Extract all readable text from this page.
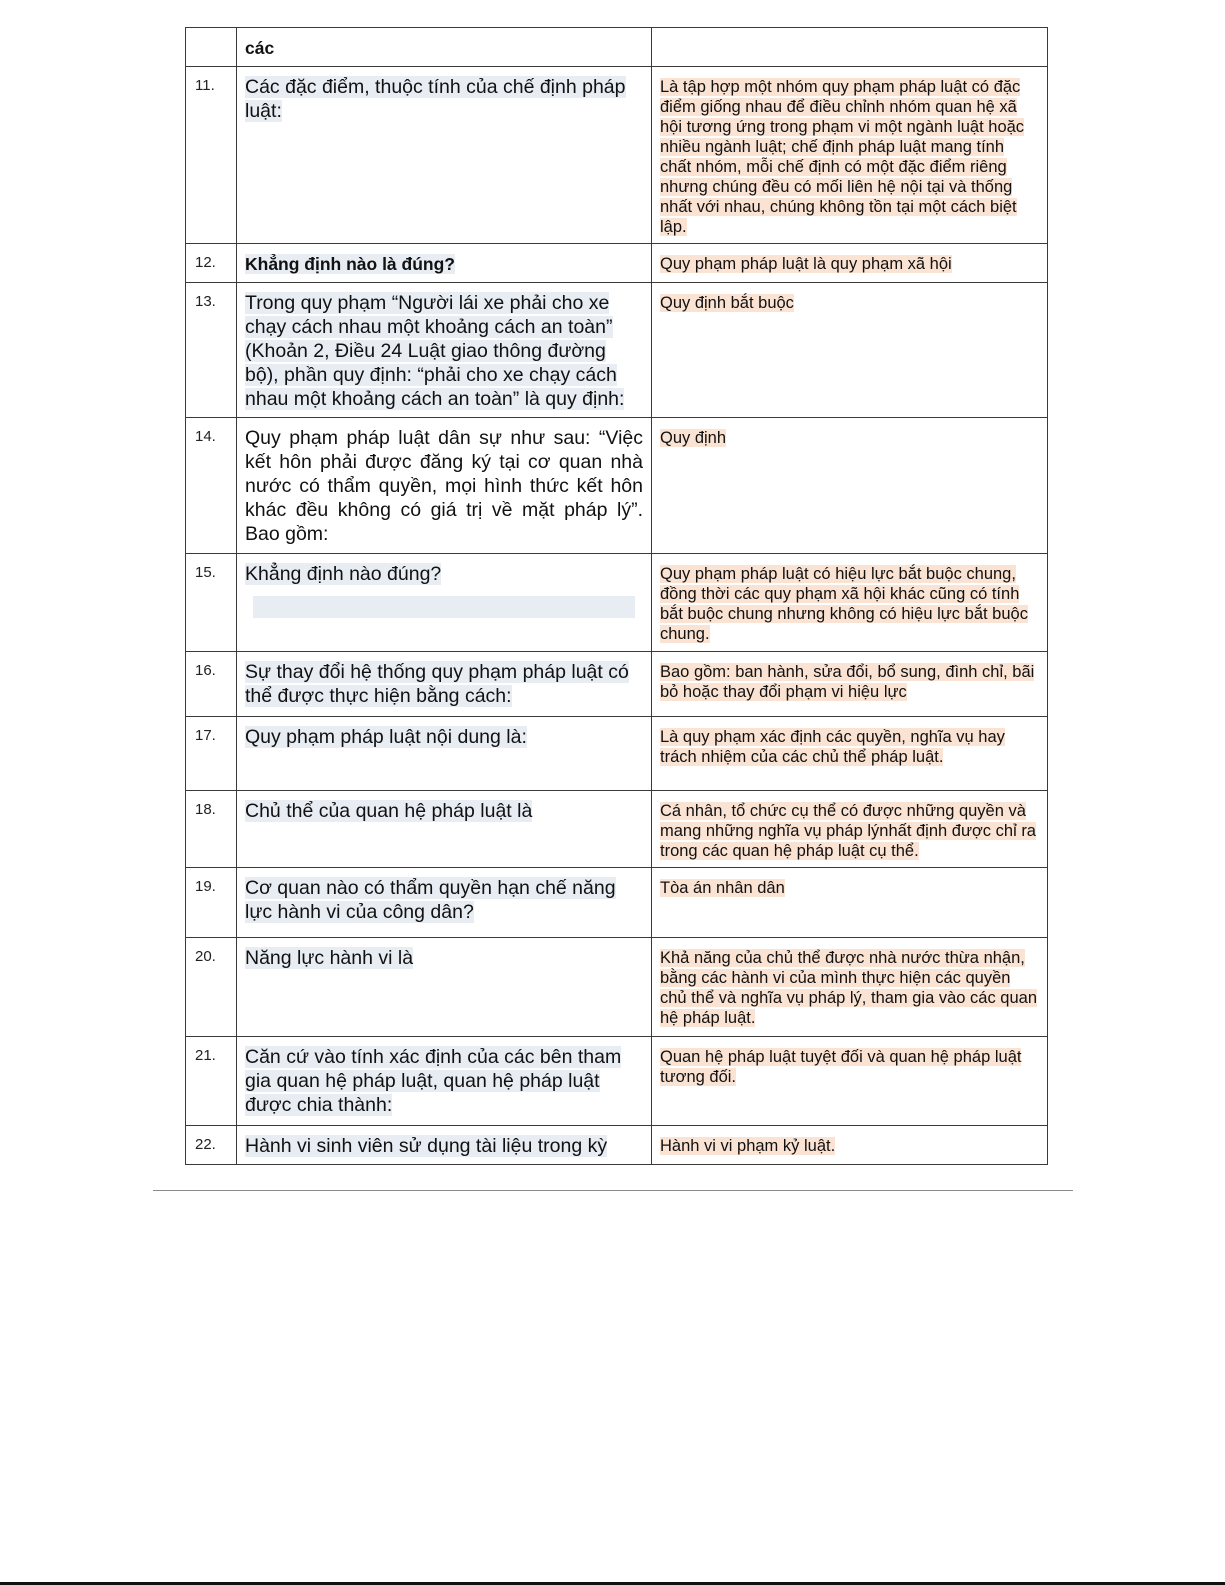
	các	

11.	Các đặc điểm, thuộc tính của chế định pháp luật:	Là tập hợp một nhóm quy phạm pháp luật có đặc điểm giống nhau để điều chỉnh nhóm quan hệ xã hội tương ứng trong phạm vi một ngành luật hoặc nhiều ngành luật; chế định pháp luật mang tính chất nhóm, mỗi chế định có một đặc điểm riêng nhưng chúng đều có mối liên hệ nội tại và thống nhất với nhau, chúng không tồn tại một cách biệt lập.

12.	Khẳng định nào là đúng?	Quy phạm pháp luật là quy phạm xã hội

13.	Trong quy phạm “Người lái xe phải cho xe chạy cách nhau một khoảng cách an toàn” (Khoản 2, Điều 24 Luật giao thông đường bộ), phần quy định: “phải cho xe chạy cách nhau một khoảng cách an toàn” là quy định:	Quy định bắt buộc

14.	Quy phạm pháp luật dân sự như sau: “Việc kết hôn phải được đăng ký tại cơ quan nhà nước có thẩm quyền, mọi hình thức kết hôn khác đều không có giá trị về mặt pháp lý”. Bao gồm:	Quy định

15.	Khẳng định nào đúng?	Quy phạm pháp luật có hiệu lực bắt buộc chung, đồng thời các quy phạm xã hội khác cũng có tính bắt buộc chung nhưng không có hiệu lực bắt buộc chung.

16.	Sự thay đổi hệ thống quy phạm pháp luật có thể được thực hiện bằng cách:	Bao gồm: ban hành, sửa đổi, bổ sung, đình chỉ, bãi bỏ hoặc thay đổi phạm vi hiệu lực

17.	Quy phạm pháp luật nội dung là:	Là quy phạm xác định các quyền, nghĩa vụ hay trách nhiệm của các chủ thể pháp luật.

18.	Chủ thể của quan hệ pháp luật là	Cá nhân, tổ chức cụ thể có được những quyền và mang những nghĩa vụ pháp lýnhất định được chỉ ra trong các quan hệ pháp luật cụ thể.

19.	Cơ quan nào có thẩm quyền hạn chế năng lực hành vi của công dân?	Tòa án nhân dân

20.	Năng lực hành vi là	Khả năng của chủ thể được nhà nước thừa nhận, bằng các hành vi của mình thực hiện các quyền chủ thể và nghĩa vụ pháp lý, tham gia vào các quan hệ pháp luật.

21.	Căn cứ vào tính xác định của các bên tham gia quan hệ pháp luật, quan hệ pháp luật được chia thành:	Quan hệ pháp luật tuyệt đối và quan hệ pháp luật tương đối.

22.	Hành vi sinh viên sử dụng tài liệu trong kỳ	Hành vi vi phạm kỷ luật.
